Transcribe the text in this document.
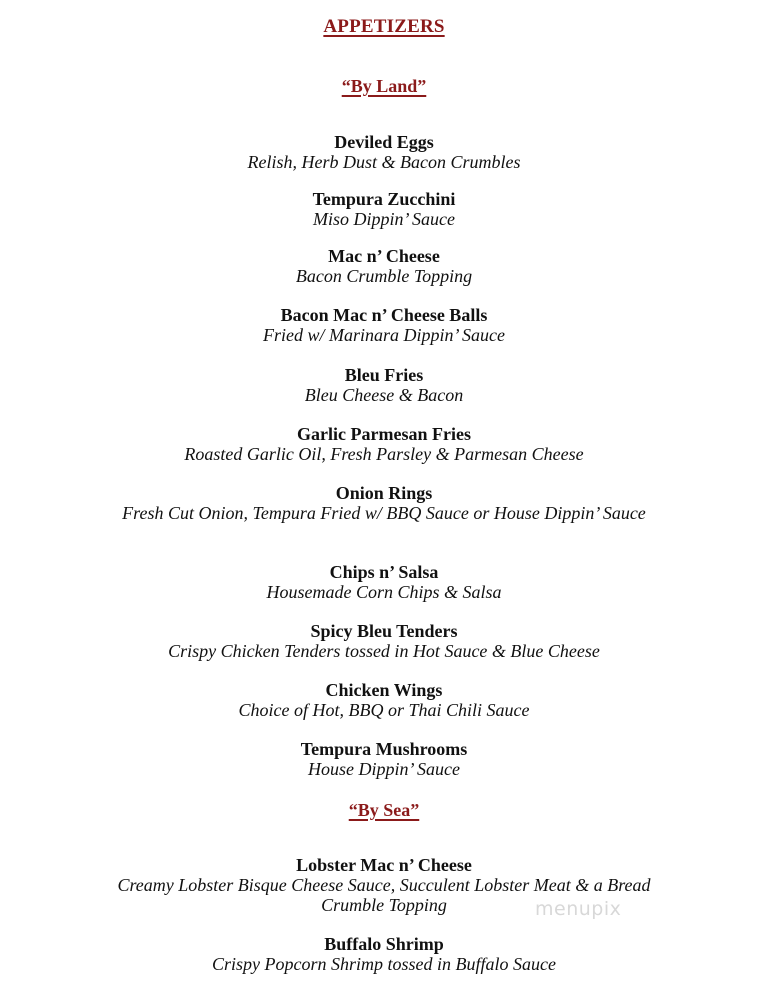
APPETIZERS
“By Land”
Deviled Eggs
Relish, Herb Dust & Bacon Crumbles
Tempura Zucchini
Miso Dippin’ Sauce
Mac n’ Cheese
Bacon Crumble Topping
Bacon Mac n’ Cheese Balls
Fried w/ Marinara Dippin’ Sauce
Bleu Fries
Bleu Cheese & Bacon
Garlic Parmesan Fries
Roasted Garlic Oil, Fresh Parsley & Parmesan Cheese
Onion Rings
Fresh Cut Onion, Tempura Fried w/ BBQ Sauce or House Dippin’ Sauce
Chips n’ Salsa
Housemade Corn Chips & Salsa
Spicy Bleu Tenders
Crispy Chicken Tenders tossed in Hot Sauce & Blue Cheese
Chicken Wings
Choice of Hot, BBQ or Thai Chili Sauce
Tempura Mushrooms
House Dippin’ Sauce
“By Sea”
Lobster Mac n’ Cheese
Creamy Lobster Bisque Cheese Sauce, Succulent Lobster Meat & a Bread Crumble Topping
Buffalo Shrimp
Crispy Popcorn Shrimp tossed in Buffalo Sauce
menupix
